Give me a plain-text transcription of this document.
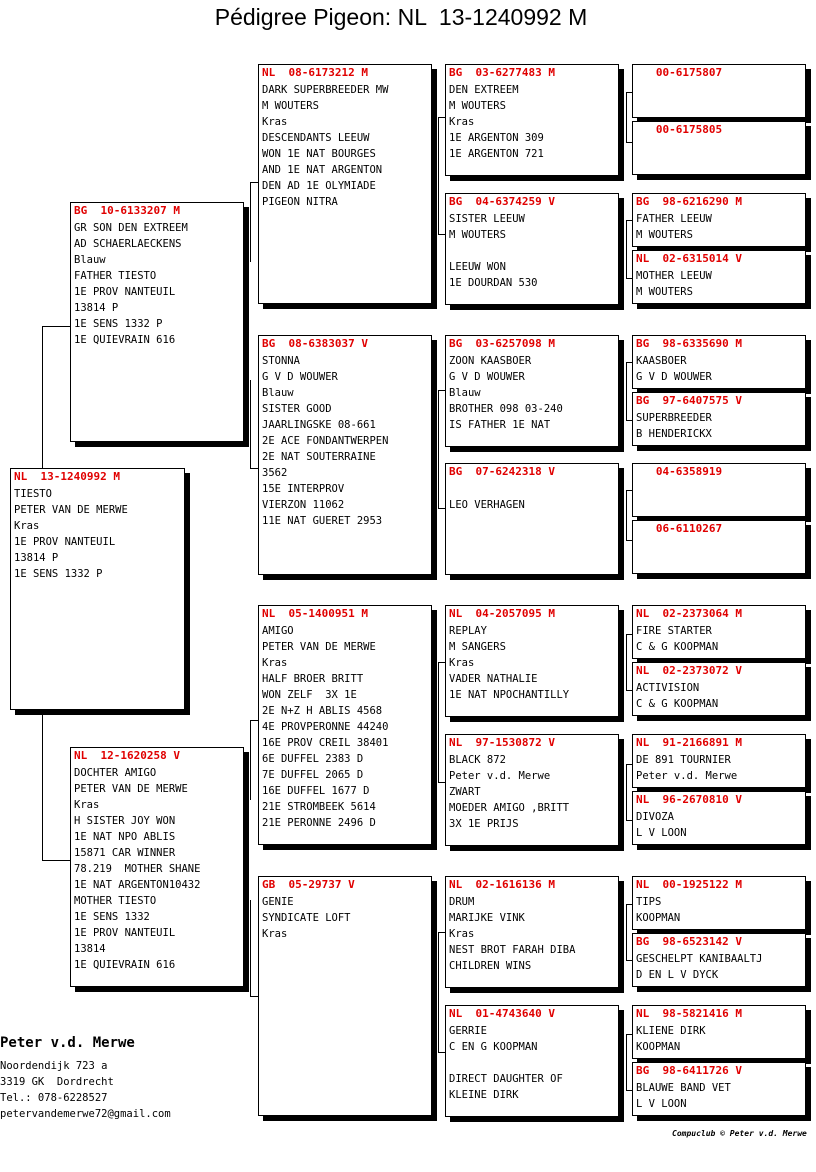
Pédigree Pigeon: NL  13-1240992 M
NL  13-1240992 M
TIESTO
PETER VAN DE MERWE
Kras
1E PROV NANTEUIL
13814 P
1E SENS 1332 P
BG  10-6133207 M
GR SON DEN EXTREEM
AD SCHAERLAECKENS
Blauw
FATHER TIESTO
1E PROV NANTEUIL
13814 P
1E SENS 1332 P
1E QUIEVRAIN 616
NL  12-1620258 V
DOCHTER AMIGO
PETER VAN DE MERWE
Kras
H SISTER JOY WON
1E NAT NPO ABLIS
15871 CAR WINNER
78.219  MOTHER SHANE
1E NAT ARGENTON10432
MOTHER TIESTO
1E SENS 1332
1E PROV NANTEUIL
13814
1E QUIEVRAIN 616
NL  08-6173212 M
DARK SUPERBREEDER MW
M WOUTERS
Kras
DESCENDANTS LEEUW
WON 1E NAT BOURGES
AND 1E NAT ARGENTON
DEN AD 1E OLYMIADE
PIGEON NITRA
BG  08-6383037 V
STONNA
G V D WOUWER
Blauw
SISTER GOOD
JAARLINGSKE 08-661
2E ACE FONDANTWERPEN
2E NAT SOUTERRAINE
3562
15E INTERPROV
VIERZON 11062
11E NAT GUERET 2953
NL  05-1400951 M
AMIGO
PETER VAN DE MERWE
Kras
HALF BROER BRITT
WON ZELF  3X 1E
2E N+Z H ABLIS 4568
4E PROVPERONNE 44240
16E PROV CREIL 38401
6E DUFFEL 2383 D
7E DUFFEL 2065 D
16E DUFFEL 1677 D
21E STROMBEEK 5614
21E PERONNE 2496 D
GB  05-29737 V
GENIE
SYNDICATE LOFT
Kras
BG  03-6277483 M
DEN EXTREEM
M WOUTERS
Kras
1E ARGENTON 309
1E ARGENTON 721
BG  04-6374259 V
SISTER LEEUW
M WOUTERS
LEEUW WON
1E DOURDAN 530
BG  03-6257098 M
ZOON KAASBOER
G V D WOUWER
Blauw
BROTHER 098 03-240
IS FATHER 1E NAT
BG  07-6242318 V
LEO VERHAGEN
NL  04-2057095 M
REPLAY
M SANGERS
Kras
VADER NATHALIE
1E NAT NPOCHANTILLY
NL  97-1530872 V
BLACK 872
Peter v.d. Merwe
ZWART
MOEDER AMIGO ,BRITT
3X 1E PRIJS
NL  02-1616136 M
DRUM
MARIJKE VINK
Kras
NEST BROT FARAH DIBA
CHILDREN WINS
NL  01-4743640 V
GERRIE
C EN G KOOPMAN
DIRECT DAUGHTER OF
KLEINE DIRK
00-6175807
00-6175805
BG  98-6216290 M
FATHER LEEUW
M WOUTERS
NL  02-6315014 V
MOTHER LEEUW
M WOUTERS
BG  98-6335690 M
KAASBOER
G V D WOUWER
BG  97-6407575 V
SUPERBREEDER
B HENDERICKX
04-6358919
06-6110267
NL  02-2373064 M
FIRE STARTER
C & G KOOPMAN
NL  02-2373072 V
ACTIVISION
C & G KOOPMAN
NL  91-2166891 M
DE 891 TOURNIER
Peter v.d. Merwe
NL  96-2670810 V
DIVOZA
L V LOON
NL  00-1925122 M
TIPS
KOOPMAN
BG  98-6523142 V
GESCHELPT KANIBAALTJ
D EN L V DYCK
NL  98-5821416 M
KLIENE DIRK
KOOPMAN
BG  98-6411726 V
BLAUWE BAND VET
L V LOON
Peter v.d. Merwe
Noordendijk 723 a
3319 GK  Dordrecht
Tel.: 078-6228527
petervandemerwe72@gmail.com
Compuclub © Peter v.d. Merwe
